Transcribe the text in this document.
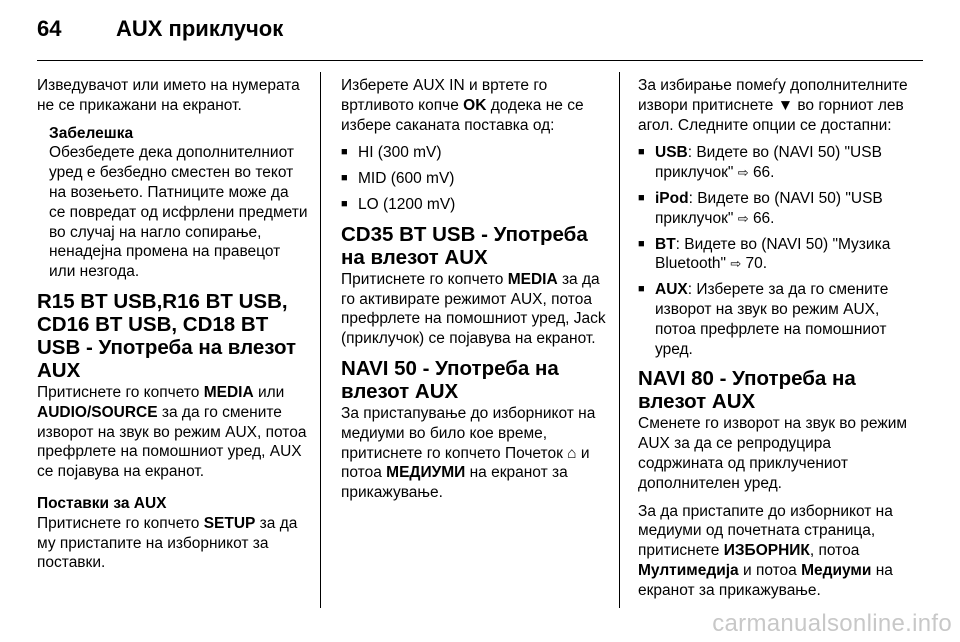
64	AUX приклучок

Изведувачот или името на нумерата не се прикажани на екранот.

Забелешка
Обезбедете дека дополнителниот уред е безбедно сместен во текот на возењето. Патниците може да се повредат од исфрлени предмети во случај на нагло сопирање, ненадејна промена на правецот или незгода.
R15 BT USB,R16 BT USB, CD16 BT USB, CD18 BT USB - Употреба на влезот AUX

Притиснете го копчето MEDIA или AUDIO/SOURCE за да го смените изворот на звук во режим AUX, потоа префрлете на помошниот уред, AUX се појавува на екранот.

Поставки за AUX

Притиснете го копчето SETUP за да му пристапите на изборникот за поставки.

Изберете AUX IN и вртете го вртливото копче OK додека не се избере саканата поставка од:

■ HI (300 mV)
■ MID (600 mV)
■ LO (1200 mV)
CD35 BT USB - Употреба на влезот AUX

Притиснете го копчето MEDIA за да го активирате режимот AUX, потоа префрлете на помошниот уред, Jack (приклучок) се појавува на екранот.

NAVI 50 - Употреба на влезот AUX

За пристапување до изборникот на медиуми во било кое време, притиснете го копчето Почеток ⌂ и потоа МЕДИУМИ на екранот за прикажување.

За избирање помеѓу дополнителните извори притиснете ▼ во горниот лев агол. Следните опции се достапни:

■ USB: Видете во (NAVI 50) "USB приклучок" ⇨ 66.
■ iPod: Видете во (NAVI 50) "USB приклучок" ⇨ 66.
■ BT: Видете во (NAVI 50) "Музика Bluetooth" ⇨ 70.
■ AUX: Изберете за да го смените изворот на звук во режим AUX, потоа префрлете на помошниот уред.
NAVI 80 - Употреба на влезот AUX

Сменете го изворот на звук во режим AUX за да се репродуцира содржината од приклучениот дополнителен уред.

За да пристапите до изборникот на медиуми од почетната страница, притиснете ИЗБОРНИК, потоа Мултимедија и потоа Медиуми на екранот за прикажување.

carmanualsonline.info
